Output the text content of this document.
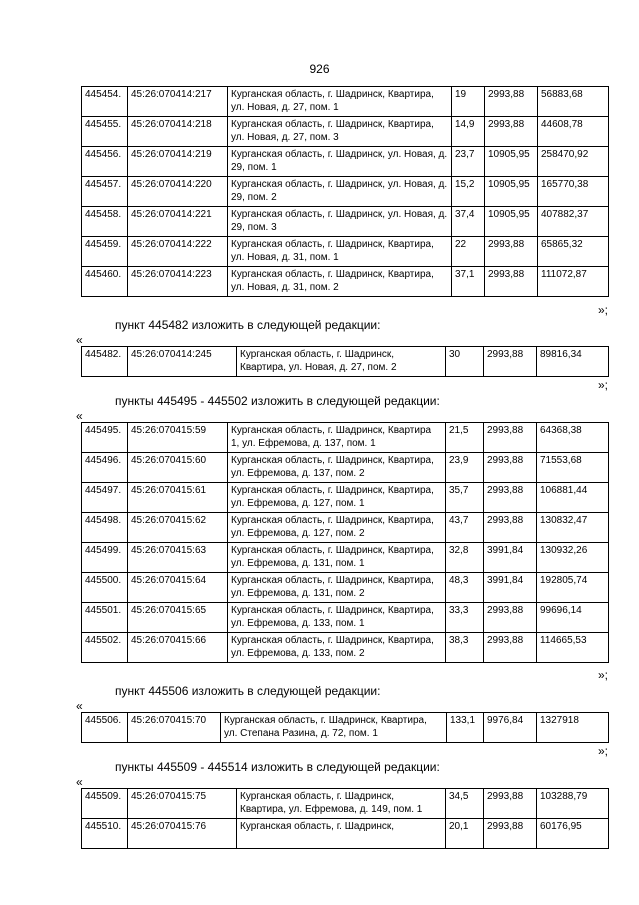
926
445454.	45:26:070414:217	Курганская область, г. Шадринск, Квартира, ул. Новая, д. 27, пом. 1	19	2993,88	56883,68
445455.	45:26:070414:218	Курганская область, г. Шадринск, Квартира, ул. Новая, д. 27, пом. 3	14,9	2993,88	44608,78
445456.	45:26:070414:219	Курганская область, г. Шадринск, ул. Новая, д. 29, пом. 1	23,7	10905,95	258470,92
445457.	45:26:070414:220	Курганская область, г. Шадринск, ул. Новая, д. 29, пом. 2	15,2	10905,95	165770,38
445458.	45:26:070414:221	Курганская область, г. Шадринск, ул. Новая, д. 29, пом. 3	37,4	10905,95	407882,37
445459.	45:26:070414:222	Курганская область, г. Шадринск, Квартира, ул. Новая, д. 31, пом. 1	22	2993,88	65865,32
445460.	45:26:070414:223	Курганская область, г. Шадринск, Квартира, ул. Новая, д. 31, пом. 2	37,1	2993,88	111072,87
»;
пункт 445482 изложить в следующей редакции:
«
445482.	45:26:070414:245	Курганская область, г. Шадринск, Квартира, ул. Новая, д. 27, пом. 2	30	2993,88	89816,34
»;
пункты 445495 - 445502 изложить в следующей редакции:
«
445495.	45:26:070415:59	Курганская область, г. Шадринск, Квартира 1, ул. Ефремова, д. 137, пом. 1	21,5	2993,88	64368,38
445496.	45:26:070415:60	Курганская область, г. Шадринск, Квартира, ул. Ефремова, д. 137, пом. 2	23,9	2993,88	71553,68
445497.	45:26:070415:61	Курганская область, г. Шадринск, Квартира, ул. Ефремова, д. 127, пом. 1	35,7	2993,88	106881,44
445498.	45:26:070415:62	Курганская область, г. Шадринск, Квартира, ул. Ефремова, д. 127, пом. 2	43,7	2993,88	130832,47
445499.	45:26:070415:63	Курганская область, г. Шадринск, Квартира, ул. Ефремова, д. 131, пом. 1	32,8	3991,84	130932,26
445500.	45:26:070415:64	Курганская область, г. Шадринск, Квартира, ул. Ефремова, д. 131, пом. 2	48,3	3991,84	192805,74
445501.	45:26:070415:65	Курганская область, г. Шадринск, Квартира, ул. Ефремова, д. 133, пом. 1	33,3	2993,88	99696,14
445502.	45:26:070415:66	Курганская область, г. Шадринск, Квартира, ул. Ефремова, д. 133, пом. 2	38,3	2993,88	114665,53
»;
пункт 445506 изложить в следующей редакции:
«
445506.	45:26:070415:70	Курганская область, г. Шадринск, Квартира, ул. Степана Разина, д. 72, пом. 1	133,1	9976,84	1327918
»;
пункты 445509 - 445514 изложить в следующей редакции:
«
445509.	45:26:070415:75	Курганская область, г. Шадринск, Квартира, ул. Ефремова, д. 149, пом. 1	34,5	2993,88	103288,79
445510.	45:26:070415:76	Курганская область, г. Шадринск,	20,1	2993,88	60176,95
